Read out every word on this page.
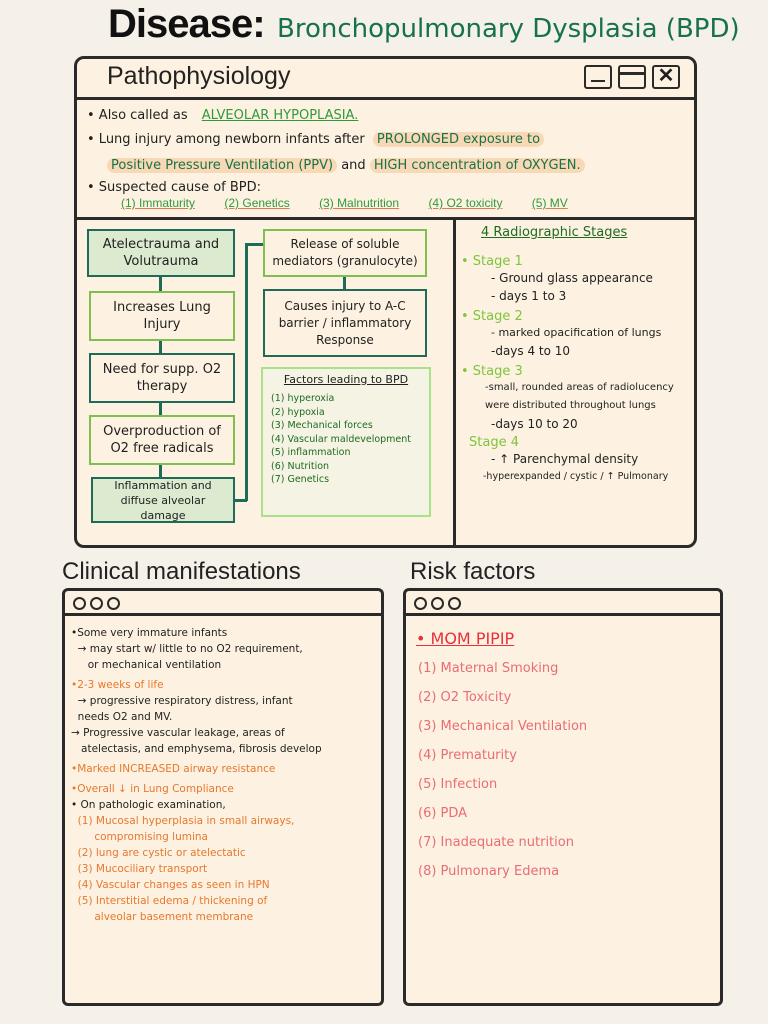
Disease: Bronchopulmonary Dysplasia (BPD)
Pathophysiology	✕
• Also called as ALVEOLAR HYPOPLASIA.
• Lung injury among newborn infants after PROLONGED exposure to
Positive Pressure Ventilation (PPV) and HIGH concentration of OXYGEN.
• Suspected cause of BPD:
(1) Immaturity (2) Genetics (3) Malnutrition (4) O2 toxicity (5) MV
Atelectrauma and Volutrauma
Increases Lung Injury
Need for supp. O2 therapy
Overproduction of O2 free radicals
Inflammation and diffuse alveolar damage
Release of soluble mediators (granulocyte)
Causes injury to A-C barrier / inflammatory Response
Factors leading to BPD
(1) hyperoxia
(2) hypoxia
(3) Mechanical forces
(4) Vascular maldevelopment
(5) inflammation
(6) Nutrition
(7) Genetics
4 Radiographic Stages
• Stage 1
- Ground glass appearance
- days 1 to 3
• Stage 2
- marked opacification of lungs
-days 4 to 10
• Stage 3
-small, rounded areas of radiolucency
were distributed throughout lungs
-days 10 to 20
Stage 4
- ↑ Parenchymal density
-hyperexpanded / cystic / ↑ Pulmonary
Clinical manifestations
•Some very immature infants
→ may start w/ little to no O2 requirement,
or mechanical ventilation
•2-3 weeks of life
→ progressive respiratory distress, infant
needs O2 and MV.
→ Progressive vascular leakage, areas of
atelectasis, and emphysema, fibrosis develop
•Marked INCREASED airway resistance
•Overall ↓ in Lung Compliance
• On pathologic examination,
(1) Mucosal hyperplasia in small airways,
compromising lumina
(2) lung are cystic or atelectatic
(3) Mucociliary transport
(4) Vascular changes as seen in HPN
(5) Interstitial edema / thickening of
alveolar basement membrane
Risk factors
• MOM PIPIP
(1) Maternal Smoking
(2) O2 Toxicity
(3) Mechanical Ventilation
(4) Prematurity
(5) Infection
(6) PDA
(7) Inadequate nutrition
(8) Pulmonary Edema
